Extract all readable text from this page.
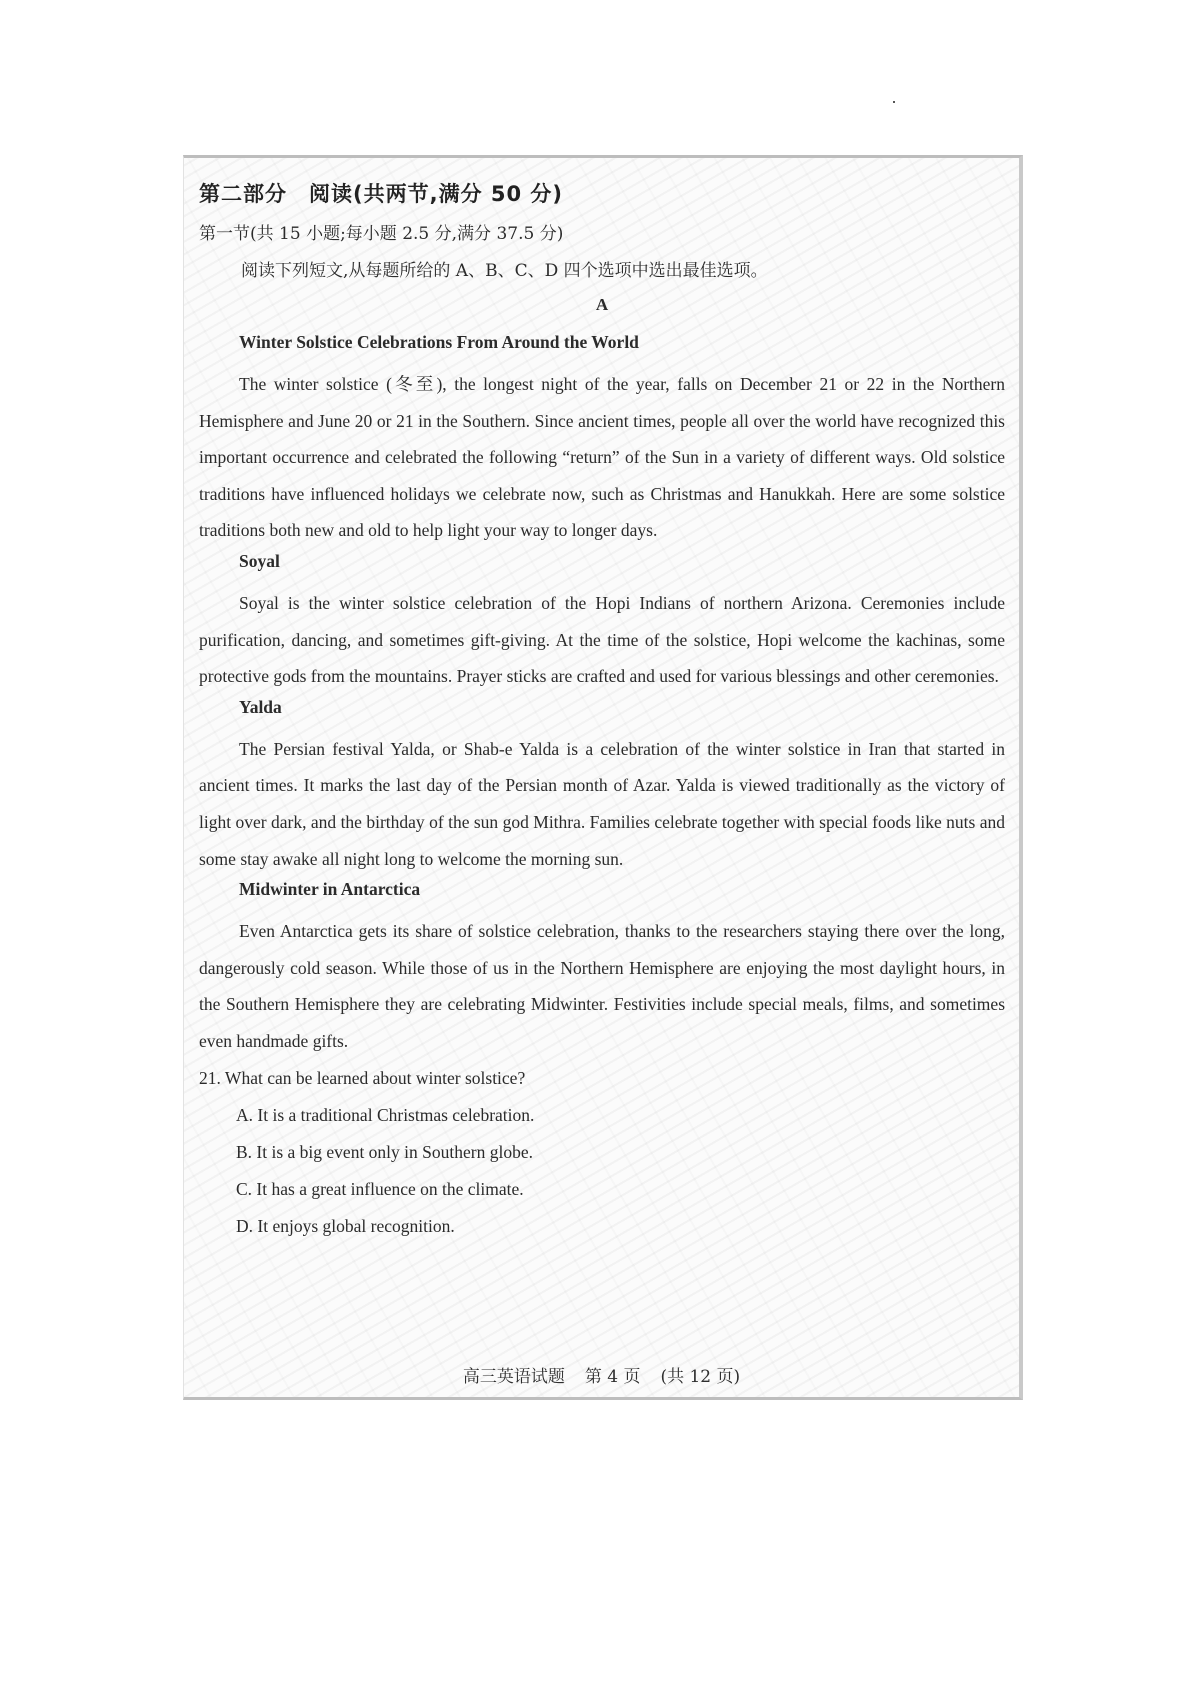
第二部分 阅读(共两节,满分 50 分)
第一节(共 15 小题;每小题 2.5 分,满分 37.5 分)
阅读下列短文,从每题所给的 A、B、C、D 四个选项中选出最佳选项。
A
Winter Solstice Celebrations From Around the World

The winter solstice (冬至), the longest night of the year, falls on December 21 or 22 in the Northern Hemisphere and June 20 or 21 in the Southern. Since ancient times, people all over the world have recognized this important occurrence and celebrated the following “return” of the Sun in a variety of different ways. Old solstice traditions have influenced holidays we celebrate now, such as Christmas and Hanukkah. Here are some solstice traditions both new and old to help light your way to longer days.

Soyal

Soyal is the winter solstice celebration of the Hopi Indians of northern Arizona. Ceremonies include purification, dancing, and sometimes gift-giving. At the time of the solstice, Hopi welcome the kachinas, some protective gods from the mountains. Prayer sticks are crafted and used for various blessings and other ceremonies.

Yalda

The Persian festival Yalda, or Shab-e Yalda is a celebration of the winter solstice in Iran that started in ancient times. It marks the last day of the Persian month of Azar. Yalda is viewed traditionally as the victory of light over dark, and the birthday of the sun god Mithra. Families celebrate together with special foods like nuts and some stay awake all night long to welcome the morning sun.

Midwinter in Antarctica

Even Antarctica gets its share of solstice celebration, thanks to the researchers staying there over the long, dangerously cold season. While those of us in the Northern Hemisphere are enjoying the most daylight hours, in the Southern Hemisphere they are celebrating Midwinter. Festivities include special meals, films, and sometimes even handmade gifts.

21. What can be learned about winter solstice?
A. It is a traditional Christmas celebration.
B. It is a big event only in Southern globe.
C. It has a great influence on the climate.
D. It enjoys global recognition.
高三英语试题 第 4 页 (共 12 页)
